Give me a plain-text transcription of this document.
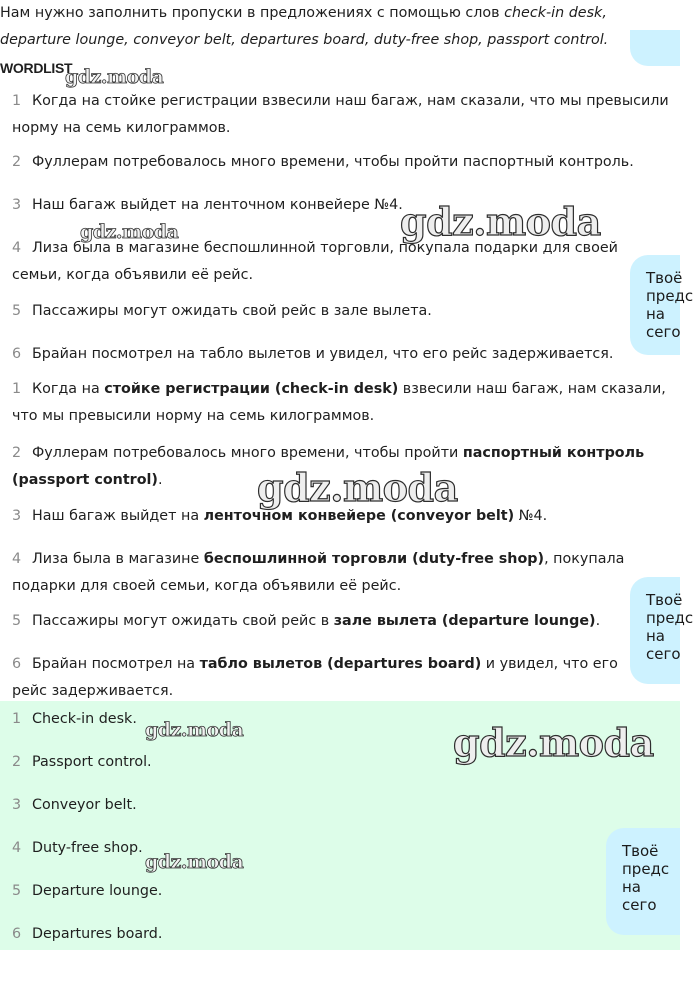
Нам нужно заполнить пропуски в предложениях с помощью слов check-in desk, departure lounge, conveyor belt, departures board, duty-free shop, passport control.
WORDLIST
1 Когда на стойке регистрации взвесили наш багаж, нам сказали, что мы превысили норму на семь килограммов.
2 Фуллерам потребовалось много времени, чтобы пройти паспортный контроль.
3 Наш багаж выйдет на ленточном конвейере №4.
4 Лиза была в магазине беспошлинной торговли, покупала подарки для своей семьи, когда объявили её рейс.
5 Пассажиры могут ожидать свой рейс в зале вылета.
6 Брайан посмотрел на табло вылетов и увидел, что его рейс задерживается.
1 Когда на стойке регистрации (check-in desk) взвесили наш багаж, нам сказали, что мы превысили норму на семь килограммов.
2 Фуллерам потребовалось много времени, чтобы пройти паспортный контроль (passport control).
3 Наш багаж выйдет на ленточном конвейере (conveyor belt) №4.
4 Лиза была в магазине беспошлинной торговли (duty-free shop), покупала подарки для своей семьи, когда объявили её рейс.
5 Пассажиры могут ожидать свой рейс в зале вылета (departure lounge).
6 Брайан посмотрел на табло вылетов (departures board) и увидел, что его рейс задерживается.
1 Check-in desk.
2 Passport control.
3 Conveyor belt.
4 Duty-free shop.
5 Departure lounge.
6 Departures board.
gdz.moda
gdz.moda	gdz.moda
gdz.moda
gdz.moda	gdz.moda
gdz.moda
Твоё
предс
на сего
Твоё
предс
на сего
Твоё
предс
на сего
